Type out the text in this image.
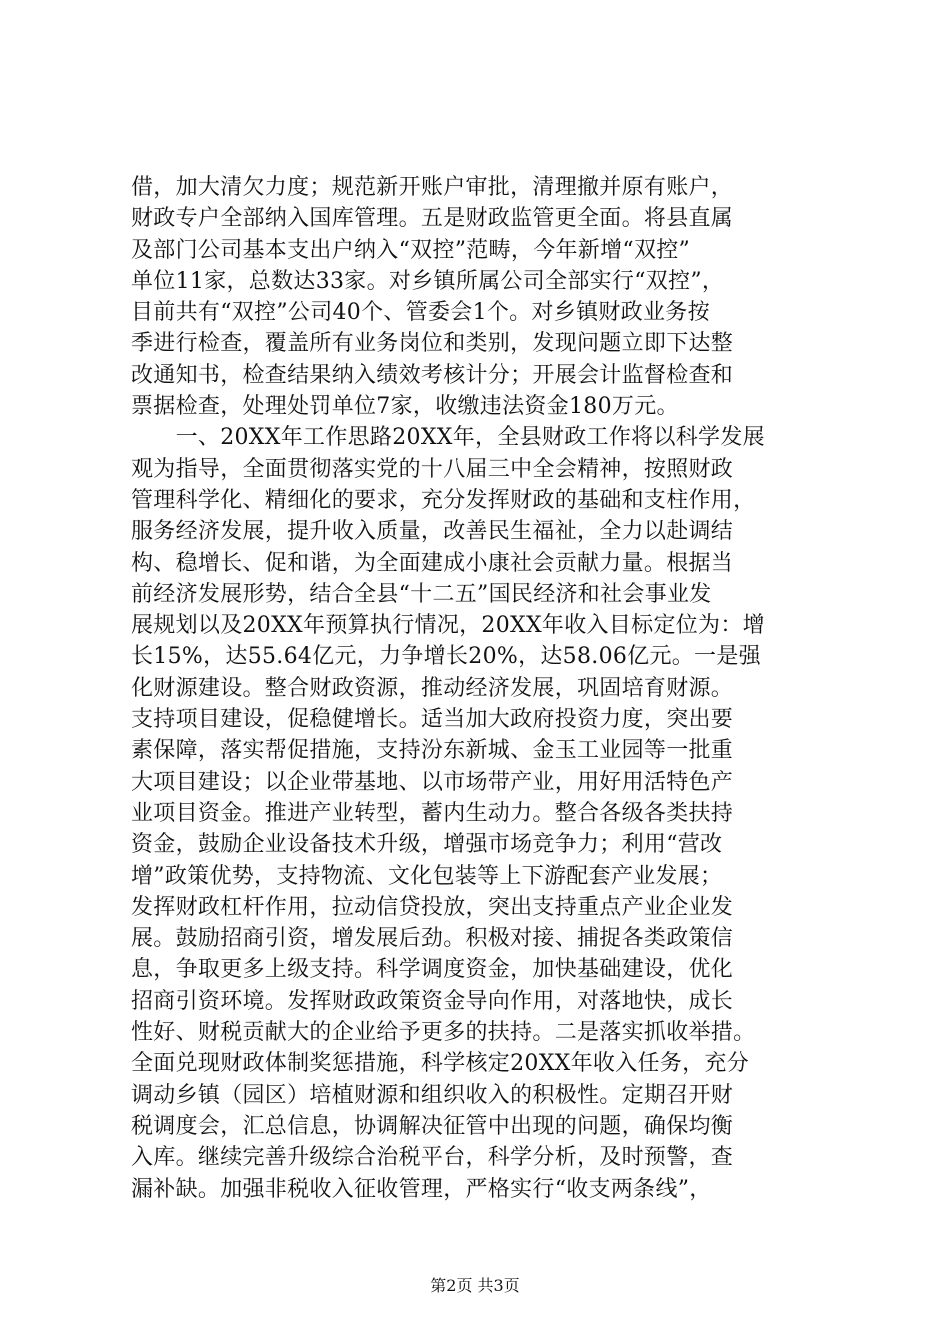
借，加大清欠力度；规范新开账户审批，清理撤并原有账户，
财政专户全部纳入国库管理。五是财政监管更全面。将县直属
及部门公司基本支出户纳入“双控”范畴，今年新增“双控”
单位11家，总数达33家。对乡镇所属公司全部实行“双控”，
目前共有“双控”公司40个、管委会1个。对乡镇财政业务按
季进行检查，覆盖所有业务岗位和类别，发现问题立即下达整
改通知书，检查结果纳入绩效考核计分；开展会计监督检查和
票据检查，处理处罚单位7家，收缴违法资金180万元。
　　一、20XX年工作思路20XX年，全县财政工作将以科学发展
观为指导，全面贯彻落实党的十八届三中全会精神，按照财政
管理科学化、精细化的要求，充分发挥财政的基础和支柱作用，
服务经济发展，提升收入质量，改善民生福祉，全力以赴调结
构、稳增长、促和谐，为全面建成小康社会贡献力量。根据当
前经济发展形势，结合全县“十二五”国民经济和社会事业发
展规划以及20XX年预算执行情况，20XX年收入目标定位为：增
长15%，达55.64亿元，力争增长20%，达58.06亿元。一是强
化财源建设。整合财政资源，推动经济发展，巩固培育财源。
支持项目建设，促稳健增长。适当加大政府投资力度，突出要
素保障，落实帮促措施，支持汾东新城、金玉工业园等一批重
大项目建设；以企业带基地、以市场带产业，用好用活特色产
业项目资金。推进产业转型，蓄内生动力。整合各级各类扶持
资金，鼓励企业设备技术升级，增强市场竞争力；利用“营改
增”政策优势，支持物流、文化包装等上下游配套产业发展；
发挥财政杠杆作用，拉动信贷投放，突出支持重点产业企业发
展。鼓励招商引资，增发展后劲。积极对接、捕捉各类政策信
息，争取更多上级支持。科学调度资金，加快基础建设，优化
招商引资环境。发挥财政政策资金导向作用，对落地快，成长
性好、财税贡献大的企业给予更多的扶持。二是落实抓收举措。
全面兑现财政体制奖惩措施，科学核定20XX年收入任务，充分
调动乡镇（园区）培植财源和组织收入的积极性。定期召开财
税调度会，汇总信息，协调解决征管中出现的问题，确保均衡
入库。继续完善升级综合治税平台，科学分析，及时预警，查
漏补缺。加强非税收入征收管理，严格实行“收支两条线”，
第2页 共3页
